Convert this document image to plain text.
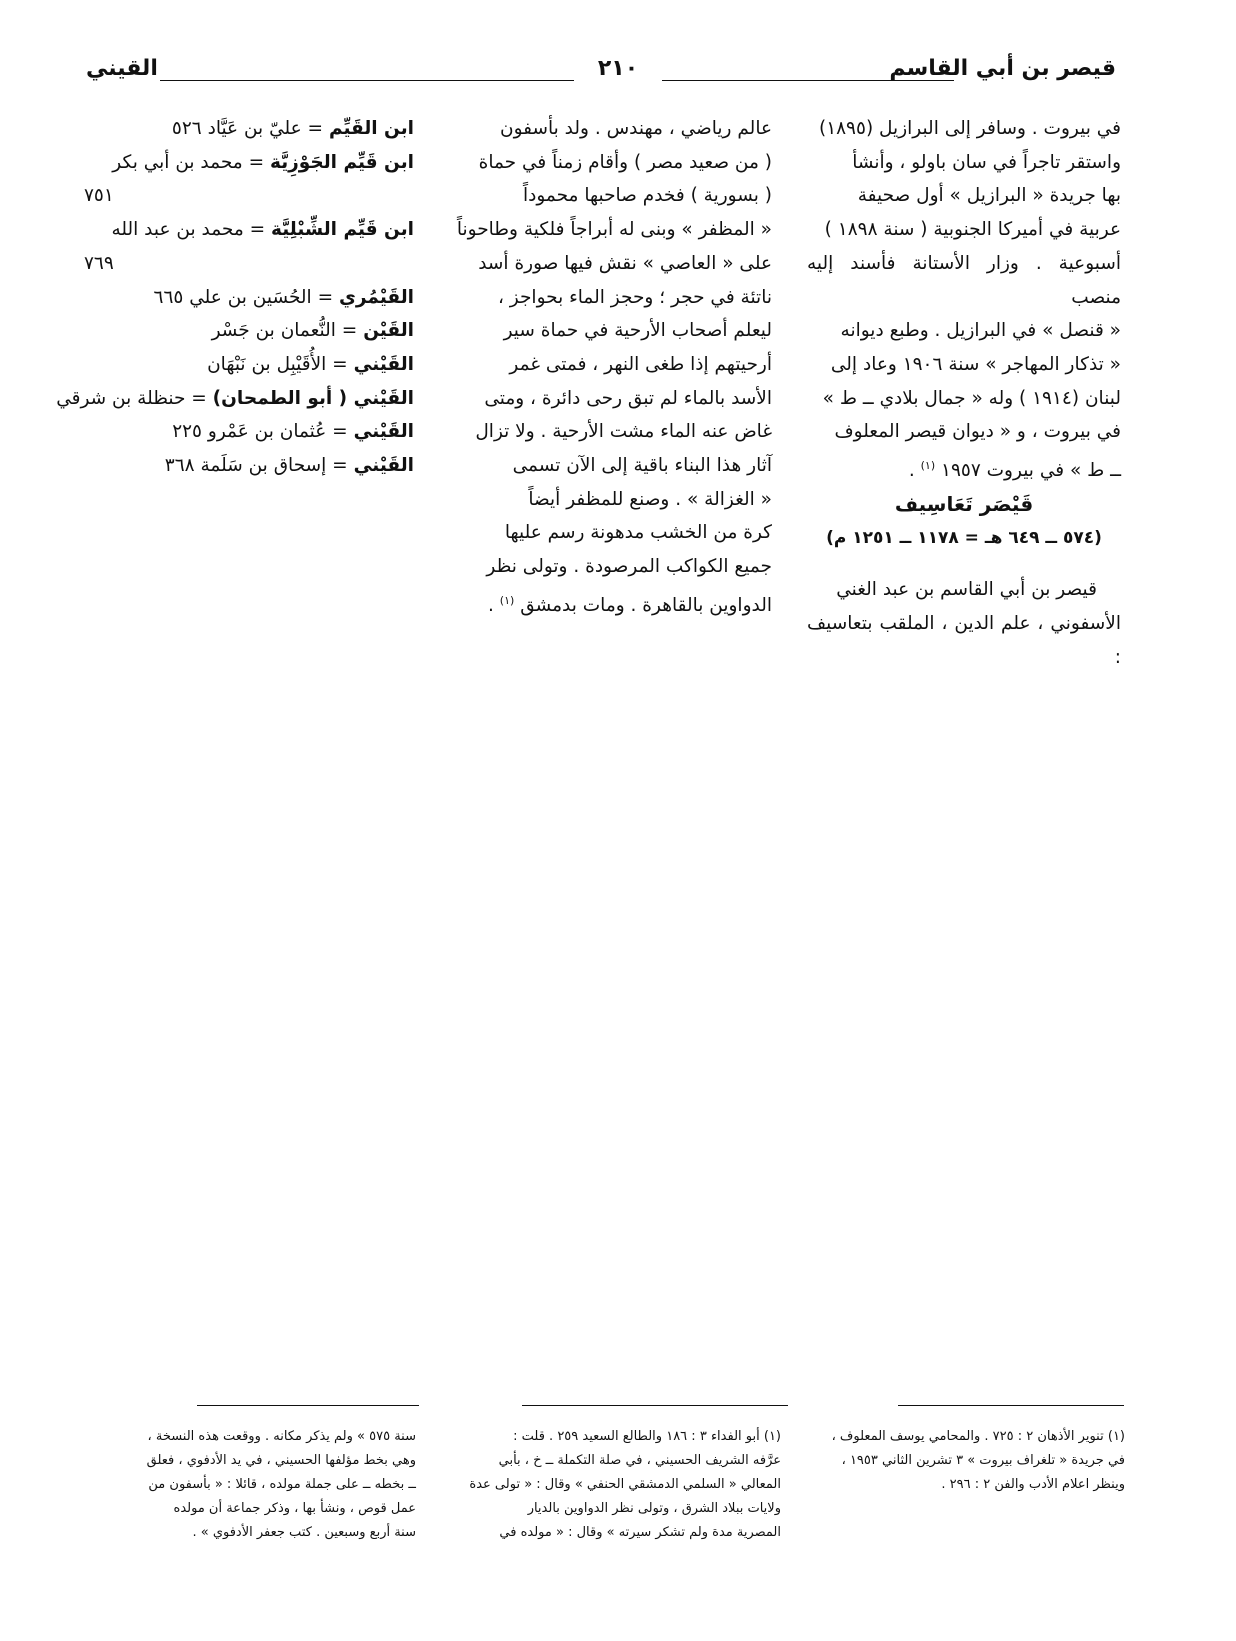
قيصر بن أبي القاسم
٢١٠
القيني

في بيروت . وسافر إلى البرازيل (١٨٩٥)

واستقر تاجراً في سان باولو ، وأنشأ

بها جريدة « البرازيل » أول صحيفة

عربية في أميركا الجنوبية ( سنة ١٨٩٨ )

أسبوعية . وزار الأستانة فأسند إليه منصب

« قنصل » في البرازيل . وطبع ديوانه

« تذكار المهاجر » سنة ١٩٠٦ وعاد إلى

لبنان (١٩١٤ ) وله « جمال بلادي ــ ط »

في بيروت ، و « ديوان قيصر المعلوف

ــ ط » في بيروت ١٩٥٧ $^{(١)}$ .

قَيْصَر تَعَاسِيف

(٥٧٤ ــ ٦٤٩ هـ = ١١٧٨ ــ ١٢٥١ م)

قيصر بن أبي القاسم بن عبد الغني

الأسفوني ، علم الدين ، الملقب بتعاسيف :

عالم رياضي ، مهندس . ولد بأسفون

( من صعيد مصر ) وأقام زمناً في حماة

( بسورية ) فخدم صاحبها محموداً

« المظفر » وبنى له أبراجاً فلكية وطاحوناً

على « العاصي » نقش فيها صورة أسد

ناتئة في حجر ؛ وحجز الماء بحواجز ،

ليعلم أصحاب الأرحية في حماة سير

أرحيتهم إذا طغى النهر ، فمتى غمر

الأسد بالماء لم تبق رحى دائرة ، ومتى

غاض عنه الماء مشت الأرحية . ولا تزال

آثار هذا البناء باقية إلى الآن تسمى

« الغزالة » . وصنع للمظفر أيضاً

كرة من الخشب مدهونة رسم عليها

جميع الكواكب المرصودة . وتولى نظر

الدواوين بالقاهرة . ومات بدمشق $^{(١)}$ .

ابن القَيِّم = عليّ بن عَيَّاد ٥٢٦

ابن قَيِّم الجَوْزِيَّة = محمد بن أبي بكر

٧٥١

ابن قَيِّم الشِّبْلِيَّة = محمد بن عبد الله

٧٦٩

القَيْمُري = الحُسَين بن علي ٦٦٥

القَيْن = النُّعمان بن جَسْر

القَيْني = الأُقَيْبِل بن نَبْهَان

القَيْني ( أبو الطمحان) = حنظلة بن شرقي

القَيْني = عُثمان بن عَمْرو ٢٢٥

القَيْني = إسحاق بن سَلَمة ٣٦٨

(١) تنوير الأذهان ٢ : ٧٢٥ . والمحامي يوسف المعلوف ،

في جريدة « تلغراف بيروت » ٣ تشرين الثاني ١٩٥٣ ،

وينظر اعلام الأدب والفن ٢ : ٢٩٦ .

(١) أبو الفداء ٣ : ١٨٦ والطالع السعيد ٢٥٩ . قلت :

عرَّفه الشريف الحسيني ، في صلة التكملة ــ خ ، بأبي

المعالي « السلمي الدمشقي الحنفي » وقال : « تولى عدة

ولايات ببلاد الشرق ، وتولى نظر الدواوين بالديار

المصرية مدة ولم تشكر سيرته » وقال : « مولده في

سنة ٥٧٥ » ولم يذكر مكانه . ووقعت هذه النسخة ،

وهي بخط مؤلفها الحسيني ، في يد الأدفوي ، فعلق

ــ بخطه ــ على جملة مولده ، قائلا : « بأسفون من

عمل قوص ، ونشأ بها ، وذكر جماعة أن مولده

سنة أربع وسبعين . كتب جعفر الأدفوي » .
